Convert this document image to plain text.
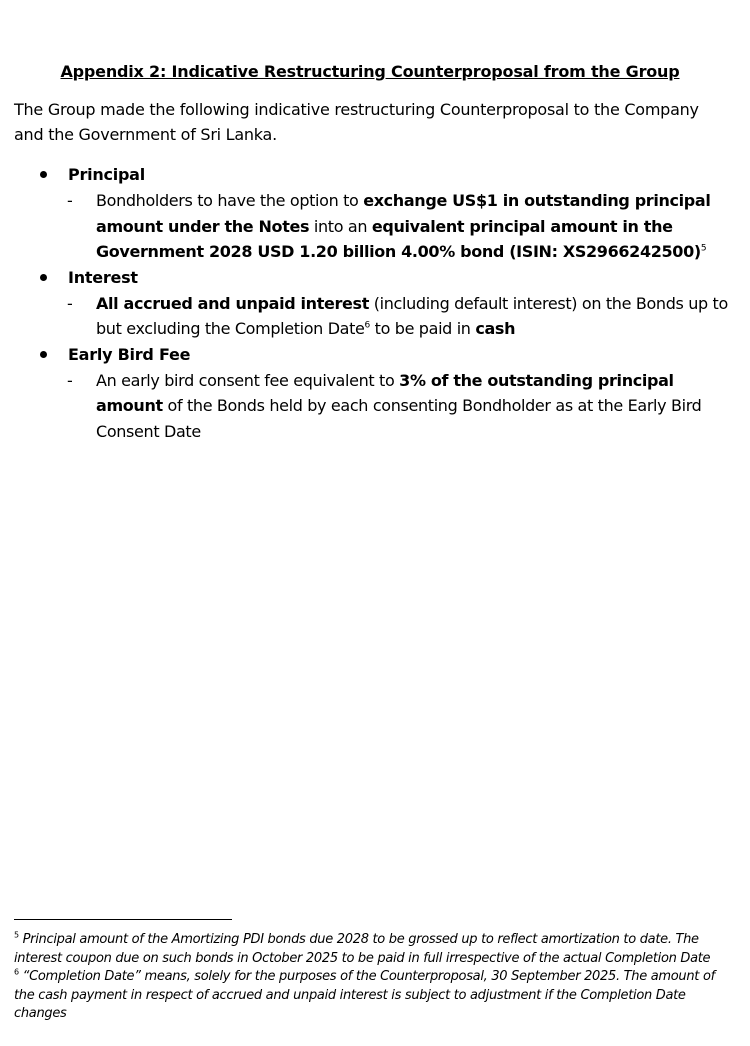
Appendix 2: Indicative Restructuring Counterproposal from the Group
The Group made the following indicative restructuring Counterproposal to the Company and the Government of Sri Lanka.
Principal
- Bondholders to have the option to exchange US$1 in outstanding principal amount under the Notes into an equivalent principal amount in the Government 2028 USD 1.20 billion 4.00% bond (ISIN: XS2966242500)$^5$
Interest
- All accrued and unpaid interest (including default interest) on the Bonds up to but excluding the Completion Date$^6$ to be paid in cash
Early Bird Fee
- An early bird consent fee equivalent to 3% of the outstanding principal amount of the Bonds held by each consenting Bondholder as at the Early Bird Consent Date
$^5$ Principal amount of the Amortizing PDI bonds due 2028 to be grossed up to reflect amortization to date. The interest coupon due on such bonds in October 2025 to be paid in full irrespective of the actual Completion Date
$^6$ “Completion Date” means, solely for the purposes of the Counterproposal, 30 September 2025. The amount of the cash payment in respect of accrued and unpaid interest is subject to adjustment if the Completion Date changes
